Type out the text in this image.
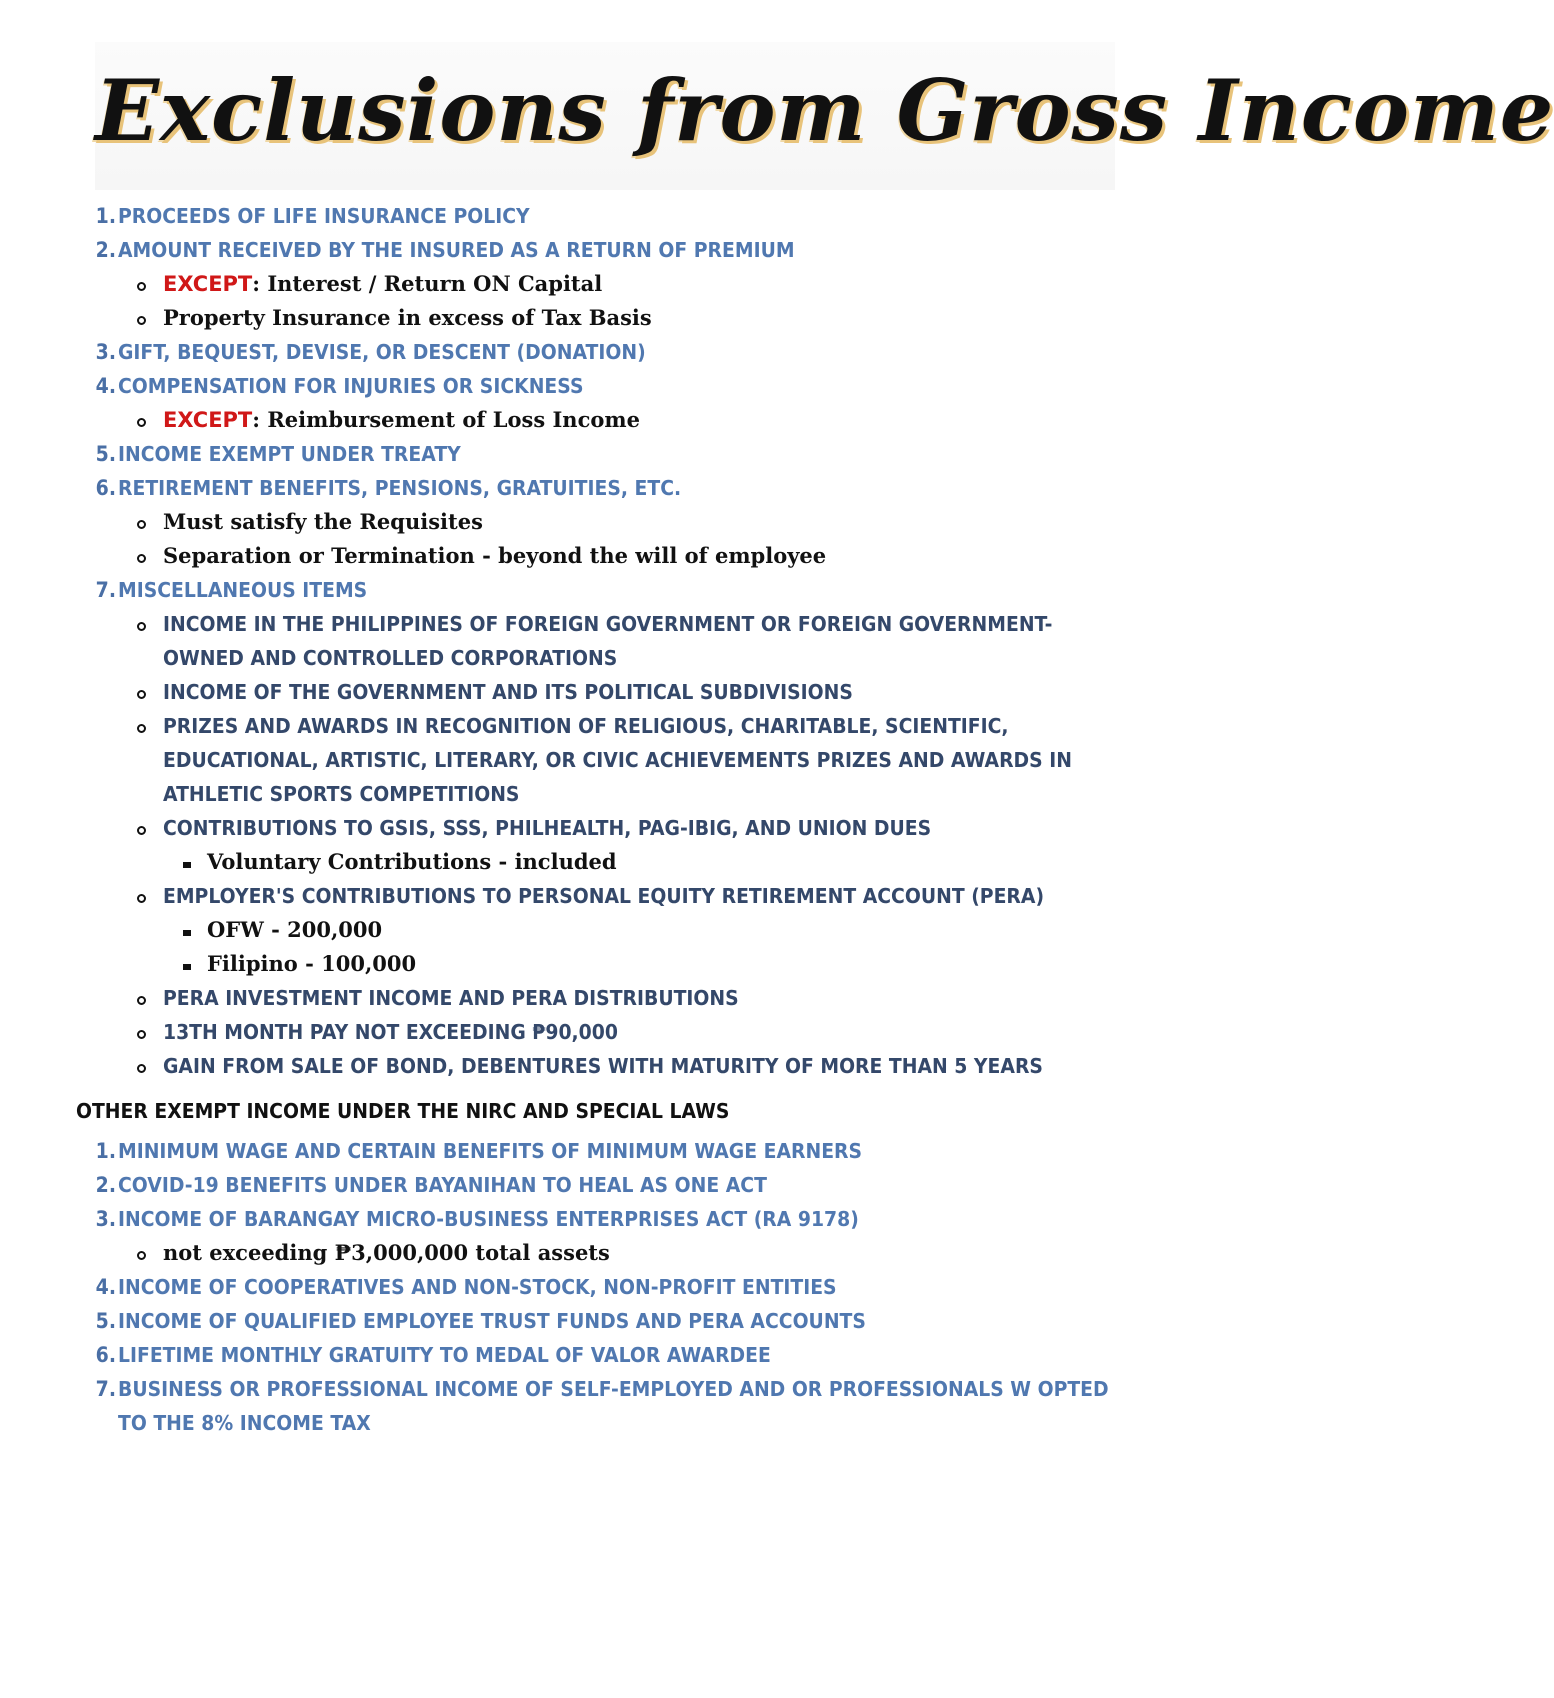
Exclusions from Gross Income
1. PROCEEDS OF LIFE INSURANCE POLICY
2. AMOUNT RECEIVED BY THE INSURED AS A RETURN OF PREMIUM
EXCEPT: Interest / Return ON Capital
Property Insurance in excess of Tax Basis
3. GIFT, BEQUEST, DEVISE, OR DESCENT (DONATION)
4. COMPENSATION FOR INJURIES OR SICKNESS
EXCEPT: Reimbursement of Loss Income
5. INCOME EXEMPT UNDER TREATY
6. RETIREMENT BENEFITS, PENSIONS, GRATUITIES, ETC.
Must satisfy the Requisites
Separation or Termination - beyond the will of employee
7. MISCELLANEOUS ITEMS
INCOME IN THE PHILIPPINES OF FOREIGN GOVERNMENT OR FOREIGN GOVERNMENT-
OWNED AND CONTROLLED CORPORATIONS
INCOME OF THE GOVERNMENT AND ITS POLITICAL SUBDIVISIONS
PRIZES AND AWARDS IN RECOGNITION OF RELIGIOUS, CHARITABLE, SCIENTIFIC,
EDUCATIONAL, ARTISTIC, LITERARY, OR CIVIC ACHIEVEMENTS PRIZES AND AWARDS IN
ATHLETIC SPORTS COMPETITIONS
CONTRIBUTIONS TO GSIS, SSS, PHILHEALTH, PAG-IBIG, AND UNION DUES
Voluntary Contributions - included
EMPLOYER'S CONTRIBUTIONS TO PERSONAL EQUITY RETIREMENT ACCOUNT (PERA)
OFW - 200,000
Filipino - 100,000
PERA INVESTMENT INCOME AND PERA DISTRIBUTIONS
13TH MONTH PAY NOT EXCEEDING ₱90,000
GAIN FROM SALE OF BOND, DEBENTURES WITH MATURITY OF MORE THAN 5 YEARS
OTHER EXEMPT INCOME UNDER THE NIRC AND SPECIAL LAWS
1. MINIMUM WAGE AND CERTAIN BENEFITS OF MINIMUM WAGE EARNERS
2. COVID-19 BENEFITS UNDER BAYANIHAN TO HEAL AS ONE ACT
3. INCOME OF BARANGAY MICRO-BUSINESS ENTERPRISES ACT (RA 9178)
not exceeding ₱3,000,000 total assets
4. INCOME OF COOPERATIVES AND NON-STOCK, NON-PROFIT ENTITIES
5. INCOME OF QUALIFIED EMPLOYEE TRUST FUNDS AND PERA ACCOUNTS
6. LIFETIME MONTHLY GRATUITY TO MEDAL OF VALOR AWARDEE
7. BUSINESS OR PROFESSIONAL INCOME OF SELF-EMPLOYED AND OR PROFESSIONALS W OPTED
TO THE 8% INCOME TAX
